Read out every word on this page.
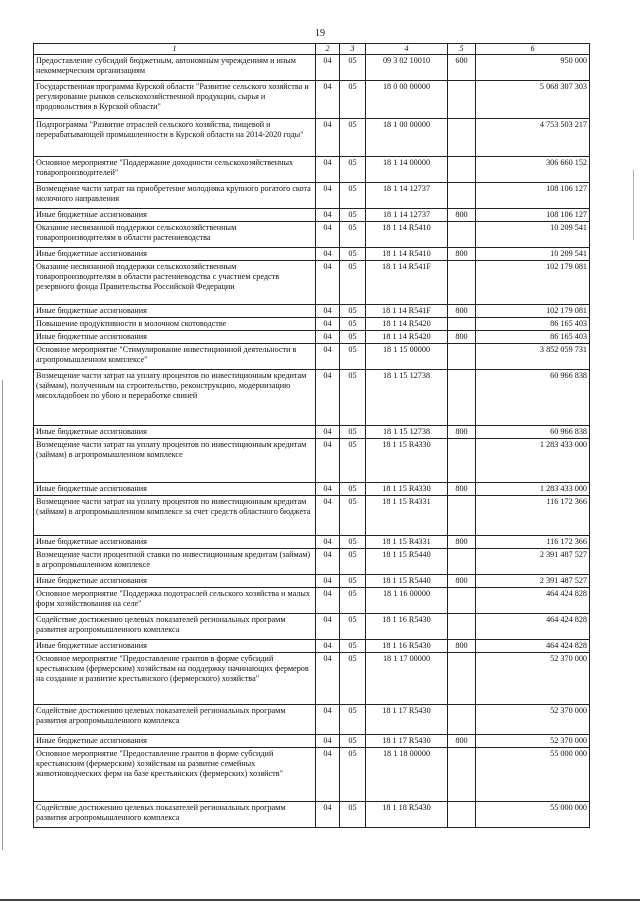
19
1	2	3	4	5	6
Предоставление субсидий бюджетным, автономным учреждениям и иным некоммерческим организациям	04	05	09 3 02 10010	600	950 000
Государственная программа Курской области "Развитие сельского хозяйства и регулирование рынков сельскохозяйственной продукции, сырья и продовольствия в Курской области"	04	05	18 0 00 00000		5 068 307 303
Подпрограмма "Развитие отраслей сельского хозяйства, пищевой и перерабатывающей промышленности в Курской области на 2014-2020 годы"	04	05	18 1 00 00000		4 753 503 217
Основное мероприятие "Поддержание доходности сельскохозяйственных товаропроизводителей"	04	05	18 1 14 00000		306 660 152
Возмещение части затрат на приобретение молодняка крупного рогатого скота молочного направления	04	05	18 1 14 12737		108 106 127
Иные бюджетные ассигнования	04	05	18 1 14 12737	800	108 106 127
Оказание несвязанной поддержки сельскохозяйственным товаропроизводителям в области растениеводства	04	05	18 1 14 R5410		10 209 541
Иные бюджетные ассигнования	04	05	18 1 14 R5410	800	10 209 541
Оказание несвязанной поддержки сельскохозяйственным товаропроизводителям в области растениеводства с участием средств резервного фонда Правительства Российской Федерации	04	05	18 1 14 R541F		102 179 081
Иные бюджетные ассигнования	04	05	18 1 14 R541F	800	102 179 081
Повышение продуктивности в молочном скотоводстве	04	05	18 1 14 R5420		86 165 403
Иные бюджетные ассигнования	04	05	18 1 14 R5420	800	86 165 403
Основное мероприятие "Стимулирование инвестиционной деятельности в агропромышленном комплексе"	04	05	18 1 15 00000		3 852 059 731
Возмещение части затрат на уплату процентов по инвестиционным кредитам (займам), полученным на строительство, реконструкцию, модернизацию мясохладобоен по убою и переработке свиней	04	05	18 1 15 12738		60 966 838
Иные бюджетные ассигнования	04	05	18 1 15 12738	800	60 966 838
Возмещение части затрат на уплату процентов по инвестиционным кредитам (займам) в агропромышленном комплексе	04	05	18 1 15 R4330		1 283 433 000
Иные бюджетные ассигнования	04	05	18 1 15 R4330	800	1 283 433 000
Возмещение части затрат на уплату процентов по инвестиционным кредитам (займам) в агропромышленном комплексе за счет средств областного бюджета	04	05	18 1 15 R4331		116 172 366
Иные бюджетные ассигнования	04	05	18 1 15 R4331	800	116 172 366
Возмещение части процентной ставки по инвестиционным кредитам (займам) в агропромышленном комплексе	04	05	18 1 15 R5440		2 391 487 527
Иные бюджетные ассигнования	04	05	18 1 15 R5440	800	2 391 487 527
Основное мероприятие "Поддержка подотраслей сельского хозяйства и малых форм хозяйствования на селе"	04	05	18 1 16 00000		464 424 828
Содействие достижению целевых показателей региональных программ развития агропромышленного комплекса	04	05	18 1 16 R5430		464 424 828
Иные бюджетные ассигнования	04	05	18 1 16 R5430	800	464 424 828
Основное мероприятие "Предоставление грантов в форме субсидий крестьянским (фермерским) хозяйствам на поддержку начинающих фермеров на создание и развитие крестьянского (фермерского) хозяйства"	04	05	18 1 17 00000		52 370 000
Содействие достижению целевых показателей региональных программ развития агропромышленного комплекса	04	05	18 1 17 R5430		52 370 000
Иные бюджетные ассигнования	04	05	18 1 17 R5430	800	52 370 000
Основное мероприятие "Предоставление грантов в форме субсидий крестьянским (фермерским) хозяйствам на развитие семейных животноводческих ферм на базе крестьянских (фермерских) хозяйств"	04	05	18 1 18 00000		55 000 000
Содействие достижению целевых показателей региональных программ развития агропромышленного комплекса	04	05	18 1 18 R5430		55 000 000
